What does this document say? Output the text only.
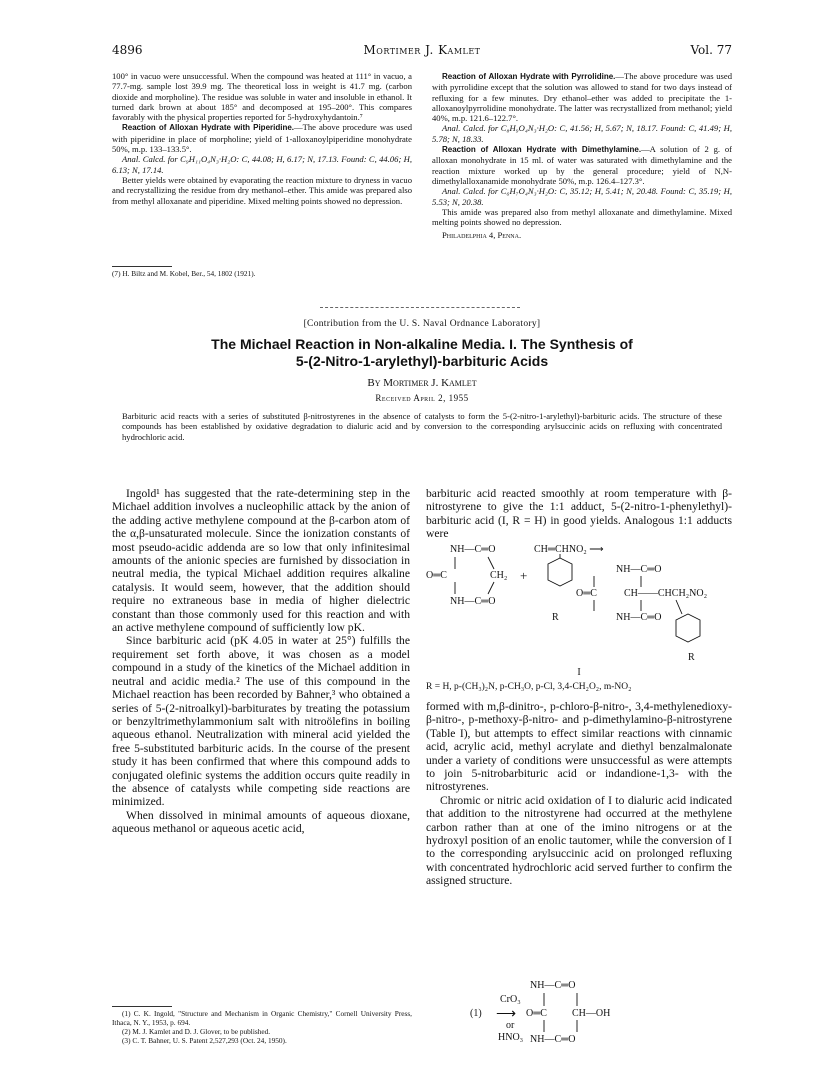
4896	Mortimer J. Kamlet	Vol. 77

100° in vacuo were unsuccessful. When the compound was heated at 111° in vacuo, a 77.7-mg. sample lost 39.9 mg. The theoretical loss in weight is 41.7 mg. (carbon dioxide and morpholine). The residue was soluble in water and insoluble in ethanol. It turned dark brown at about 185° and decomposed at 195–200°. This compares favorably with the physical properties reported for 5-hydroxyhydantoin.⁷

Reaction of Alloxan Hydrate with Piperidine.—The above procedure was used with piperidine in place of morpholine; yield of 1-alloxanoylpiperidine monohydrate 50%, m.p. 133–133.5°.

Anal. Calcd. for C₉H₁₁O₄N₃·H₂O: C, 44.08; H, 6.17; N, 17.13. Found: C, 44.06; H, 6.13; N, 17.14.

Better yields were obtained by evaporating the reaction mixture to dryness in vacuo and recrystallizing the residue from dry methanol–ether. This amide was prepared also from methyl alloxanate and piperidine. Mixed melting points showed no depression.

(7) H. Biltz and M. Kobel, Ber., 54, 1802 (1921).

Reaction of Alloxan Hydrate with Pyrrolidine.—The above procedure was used with pyrrolidine except that the solution was allowed to stand for two days instead of refluxing for a few minutes. Dry ethanol–ether was added to precipitate the 1-alloxanoylpyrrolidine monohydrate. The latter was recrystallized from methanol; yield 40%, m.p. 121.6–122.7°.

Anal. Calcd. for C₈H₉O₄N₃·H₂O: C, 41.56; H, 5.67; N, 18.17. Found: C, 41.49; H, 5.78; N, 18.33.

Reaction of Alloxan Hydrate with Dimethylamine.—A solution of 2 g. of alloxan monohydrate in 15 ml. of water was saturated with dimethylamine and the reaction mixture worked up by the general procedure; yield of N,N-dimethylalloxanamide monohydrate 50%, m.p. 126.4–127.3°.

Anal. Calcd. for C₆H₇O₄N₃·H₂O: C, 35.12; H, 5.41; N, 20.48. Found: C, 35.19; H, 5.53; N, 20.38.

This amide was prepared also from methyl alloxanate and dimethylamine. Mixed melting points showed no depression.

Philadelphia 4, Penna.

[Contribution from the U. S. Naval Ordnance Laboratory]
The Michael Reaction in Non-alkaline Media. I. The Synthesis of
5-(2-Nitro-1-arylethyl)-barbituric Acids
By Mortimer J. Kamlet
Received April 2, 1955
Barbituric acid reacts with a series of substituted β-nitrostyrenes in the absence of catalysts to form the 5-(2-nitro-1-arylethyl)-barbituric acids. The structure of these compounds has been established by oxidative degradation to dialuric acid and by conversion to the corresponding arylsuccinic acids on refluxing with concentrated hydrochloric acid.

Ingold¹ has suggested that the rate-determining step in the Michael addition involves a nucleophilic attack by the anion of the adding active methylene compound at the β-carbon atom of the α,β-unsaturated molecule. Since the ionization constants of most pseudo-acidic addenda are so low that only infinitesimal amounts of the anionic species are furnished by dissociation in neutral media, the typical Michael addition requires alkaline catalysis. It would seem, however, that the addition should require no extraneous base in media of higher dielectric constant than those commonly used for this reaction and with an active methylene compound of sufficiently low pK.

Since barbituric acid (pK 4.05 in water at 25°) fulfills the requirement set forth above, it was chosen as a model compound in a study of the kinetics of the Michael addition in neutral and acidic media.² The use of this compound in the Michael reaction has been recorded by Bahner,³ who obtained a series of 5-(2-nitroalkyl)-barbiturates by treating the potassium or benzyltrimethylammonium salt with nitroölefins in boiling aqueous ethanol. Neutralization with mineral acid yielded the free 5-substituted barbituric acids. In the course of the present study it has been confirmed that where this compound adds to conjugated olefinic systems the addition occurs quite readily in the absence of catalysts while competing side reactions are minimized.

When dissolved in minimal amounts of aqueous dioxane, aqueous methanol or aqueous acetic acid,

(1) C. K. Ingold, "Structure and Mechanism in Organic Chemistry," Cornell University Press, Ithaca, N. Y., 1953, p. 694.

(2) M. J. Kamlet and D. J. Glover, to be published.

(3) C. T. Bahner, U. S. Patent 2,527,293 (Oct. 24, 1950).

barbituric acid reacted smoothly at room temperature with β-nitrostyrene to give the 1:1 adduct, 5-(2-nitro-1-phenylethyl)-barbituric acid (I, R = H) in good yields. Analogous 1:1 adducts were
NH—C═O
O═C	CH₂
NH—C═O
+
CH═CHNO₂ ⟶
R
NH—C═O
O═C	CH——CHCH₂NO₂
NH—C═O
R
I
R = H, p-(CH₃)₂N, p-CH₃O, p-Cl, 3,4-CH₂O₂, m-NO₂

formed with m,β-dinitro-, p-chloro-β-nitro-, 3,4-methylenedioxy-β-nitro-, p-methoxy-β-nitro- and p-dimethylamino-β-nitrostyrene (Table I), but attempts to effect similar reactions with cinnamic acid, acrylic acid, methyl acrylate and diethyl benzalmalonate under a variety of conditions were unsuccessful as were attempts to join 5-nitrobarbituric acid or indandione-1,3- with the nitrostyrenes.

Chromic or nitric acid oxidation of I to dialuric acid indicated that addition to the nitrostyrene had occurred at the methylene carbon rather than at one of the imino nitrogens or at the hydroxyl position of an enolic tautomer, while the conversion of I to the corresponding arylsuccinic acid on prolonged refluxing with concentrated hydrochloric acid served further to confirm the assigned structure.

NH—C═O
(1)
CrO₃
⟶
or
HNO₃
O═C	CH—OH
NH—C═O
